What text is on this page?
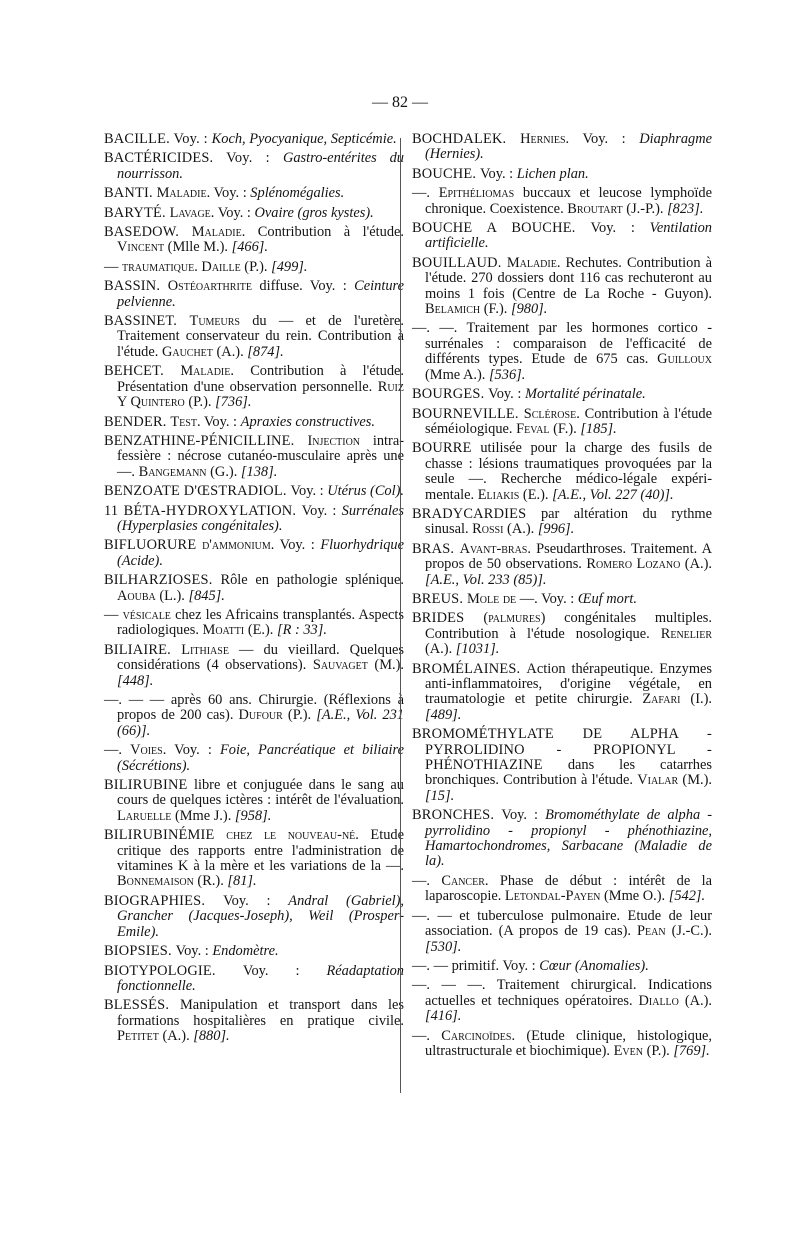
— 82 —

BACILLE. Voy. : Koch, Pyocyanique, Septicémie.

BACTÉRICIDES. Voy. : Gastro-entérites du nourrisson.

BANTI. Maladie. Voy. : Splénomégalies.

BARYTÉ. Lavage. Voy. : Ovaire (gros kystes).

BASEDOW. Maladie. Contribution à l'étude. Vincent (Mlle M.). [466].

— traumatique. Daille (P.). [499].

BASSIN. Ostéoarthrite diffuse. Voy. : Ceinture pelvienne.

BASSINET. Tumeurs du — et de l'uretère. Traitement conservateur du rein. Contribution à l'étude. Gauchet (A.). [874].

BEHCET. Maladie. Contribution à l'étude. Présentation d'une observation personnelle. Ruiz Y Quintero (P.). [736].

BENDER. Test. Voy. : Apraxies constructives.

BENZATHINE-PÉNICILLINE. Injection intra-fessière : nécrose cutanéo-musculaire après une —. Bangemann (G.). [138].

BENZOATE D'ŒSTRADIOL. Voy. : Utérus (Col).

11 BÉTA-HYDROXYLATION. Voy. : Surrénales (Hyperplasies congénitales).

BIFLUORURE d'ammonium. Voy. : Fluorhydrique (Acide).

BILHARZIOSES. Rôle en pathologie splénique. Aouba (L.). [845].

— vésicale chez les Africains transplantés. Aspects radiologiques. Moatti (E.). [R : 33].

BILIAIRE. Lithiase — du vieillard. Quelques considérations (4 observations). Sauvaget (M.). [448].

—. — — après 60 ans. Chirurgie. (Réflexions à propos de 200 cas). Dufour (P.). [A.E., Vol. 231 (66)].

—. Voies. Voy. : Foie, Pancréatique et biliaire (Sécrétions).

BILIRUBINE libre et conjuguée dans le sang au cours de quelques ictères : intérêt de l'évaluation. Laruelle (Mme J.). [958].

BILIRUBINÉMIE chez le nouveau-né. Etude critique des rapports entre l'administration de vitamines K à la mère et les variations de la —. Bonnemaison (R.). [81].

BIOGRAPHIES. Voy. : Andral (Gabriel), Grancher (Jacques-Joseph), Weil (Prosper-Emile).

BIOPSIES. Voy. : Endomètre.

BIOTYPOLOGIE. Voy. : Réadaptation fonctionnelle.

BLESSÉS. Manipulation et transport dans les formations hospitalières en pratique civile. Petitet (A.). [880].

BOCHDALEK. Hernies. Voy. : Diaphragme (Hernies).

BOUCHE. Voy. : Lichen plan.

—. Epithéliomas buccaux et leucose lymphoïde chronique. Coexistence. Broutart (J.-P.). [823].

BOUCHE A BOUCHE. Voy. : Ventilation artificielle.

BOUILLAUD. Maladie. Rechutes. Contribution à l'étude. 270 dossiers dont 116 cas rechuteront au moins 1 fois (Centre de La Roche - Guyon). Belamich (F.). [980].

—. —. Traitement par les hormones cortico - surrénales : comparaison de l'efficacité de différents types. Etude de 675 cas. Guilloux (Mme A.). [536].

BOURGES. Voy. : Mortalité périnatale.

BOURNEVILLE. Sclérose. Contribution à l'étude séméiologique. Feval (F.). [185].

BOURRE utilisée pour la charge des fusils de chasse : lésions traumatiques provoquées par la seule —. Recherche médico-légale expérimentale. Eliakis (E.). [A.E., Vol. 227 (40)].

BRADYCARDIES par altération du rythme sinusal. Rossi (A.). [996].

BRAS. Avant-bras. Pseudarthroses. Traitement. A propos de 50 observations. Romero Lozano (A.). [A.E., Vol. 233 (85)].

BREUS. Mole de —. Voy. : Œuf mort.

BRIDES (palmures) congénitales multiples. Contribution à l'étude nosologique. Renelier (A.). [1031].

BROMÉLAINES. Action thérapeutique. Enzymes anti-inflammatoires, d'origine végétale, en traumatologie et petite chirurgie. Zafari (I.). [489].

BROMOMÉTHYLATE DE ALPHA - PYRROLIDINO - PROPIONYL - PHÉNOTHIAZINE dans les catarrhes bronchiques. Contribution à l'étude. Vialar (M.). [15].

BRONCHES. Voy. : Bromométhylate de alpha - pyrrolidino - propionyl - phénothiazine, Hamartochondromes, Sarbacane (Maladie de la).

—. Cancer. Phase de début : intérêt de la laparoscopie. Letondal-Payen (Mme O.). [542].

—. — et tuberculose pulmonaire. Etude de leur association. (A propos de 19 cas). Pean (J.-C.). [530].

—. — primitif. Voy. : Cœur (Anomalies).

—. — —. Traitement chirurgical. Indications actuelles et techniques opératoires. Diallo (A.). [416].

—. Carcinoïdes. (Etude clinique, histologique, ultrastructurale et biochimique). Even (P.). [769].
